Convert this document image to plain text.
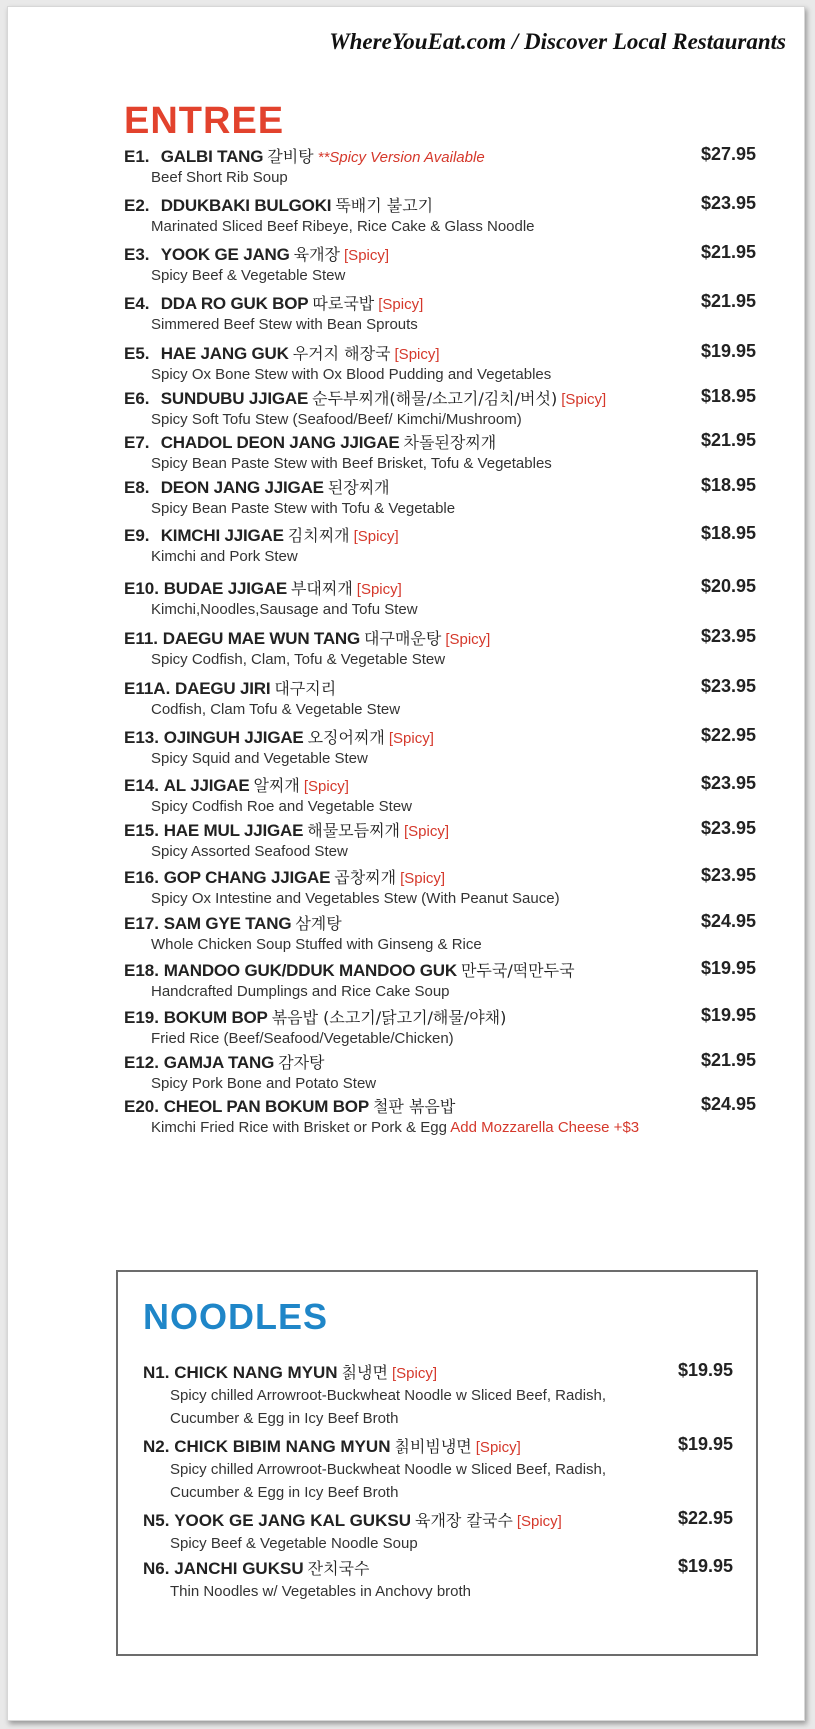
WhereYouEat.com / Discover Local Restaurants
ENTREE
E1. GALBI TANG 갈비탕 **Spicy Version Available	$27.95
Beef Short Rib Soup
E2. DDUKBAKI BULGOKI 뚝배기 불고기	$23.95
Marinated Sliced Beef Ribeye, Rice Cake & Glass Noodle
E3. YOOK GE JANG 육개장 [Spicy]	$21.95
Spicy Beef & Vegetable Stew
E4. DDA RO GUK BOP 따로국밥 [Spicy]	$21.95
Simmered Beef Stew with Bean Sprouts
E5. HAE JANG GUK 우거지 해장국 [Spicy]	$19.95
Spicy Ox Bone Stew with Ox Blood Pudding and Vegetables
E6. SUNDUBU JJIGAE 순두부찌개(해물/소고기/김치/버섯) [Spicy]	$18.95
Spicy Soft Tofu Stew (Seafood/Beef/ Kimchi/Mushroom)
E7. CHADOL DEON JANG JJIGAE 차돌된장찌개	$21.95
Spicy Bean Paste Stew with Beef Brisket, Tofu & Vegetables
E8. DEON JANG JJIGAE 된장찌개	$18.95
Spicy Bean Paste Stew with Tofu & Vegetable
E9. KIMCHI JJIGAE 김치찌개 [Spicy]	$18.95
Kimchi and Pork Stew
E10. BUDAE JJIGAE 부대찌개 [Spicy]	$20.95
Kimchi,Noodles,Sausage and Tofu Stew
E11. DAEGU MAE WUN TANG 대구매운탕 [Spicy]	$23.95
Spicy Codfish, Clam, Tofu & Vegetable Stew
E11A. DAEGU JIRI 대구지리	$23.95
Codfish, Clam Tofu & Vegetable Stew
E13. OJINGUH JJIGAE 오징어찌개 [Spicy]	$22.95
Spicy Squid and Vegetable Stew
E14. AL JJIGAE 알찌개 [Spicy]	$23.95
Spicy Codfish Roe and Vegetable Stew
E15. HAE MUL JJIGAE 해물모듬찌개 [Spicy]	$23.95
Spicy Assorted Seafood Stew
E16. GOP CHANG JJIGAE 곱창찌개 [Spicy]	$23.95
Spicy Ox Intestine and Vegetables Stew (With Peanut Sauce)
E17. SAM GYE TANG 삼계탕	$24.95
Whole Chicken Soup Stuffed with Ginseng & Rice
E18. MANDOO GUK/DDUK MANDOO GUK 만두국/떡만두국	$19.95
Handcrafted Dumplings and Rice Cake Soup
E19. BOKUM BOP 볶음밥 (소고기/닭고기/해물/야채)	$19.95
Fried Rice (Beef/Seafood/Vegetable/Chicken)
E12. GAMJA TANG 감자탕	$21.95
Spicy Pork Bone and Potato Stew
E20. CHEOL PAN BOKUM BOP 철판 볶음밥	$24.95
Kimchi Fried Rice with Brisket or Pork & Egg Add Mozzarella Cheese +$3
NOODLES
N1. CHICK NANG MYUN 칡냉면 [Spicy]	$19.95
Spicy chilled Arrowroot-Buckwheat Noodle w Sliced Beef, Radish, Cucumber & Egg in Icy Beef Broth
N2. CHICK BIBIM NANG MYUN 칡비빔냉면 [Spicy]	$19.95
Spicy chilled Arrowroot-Buckwheat Noodle w Sliced Beef, Radish, Cucumber & Egg in Icy Beef Broth
N5. YOOK GE JANG KAL GUKSU 육개장 칼국수 [Spicy]	$22.95
Spicy Beef & Vegetable Noodle Soup
N6. JANCHI GUKSU 잔치국수	$19.95
Thin Noodles w/ Vegetables in Anchovy broth
